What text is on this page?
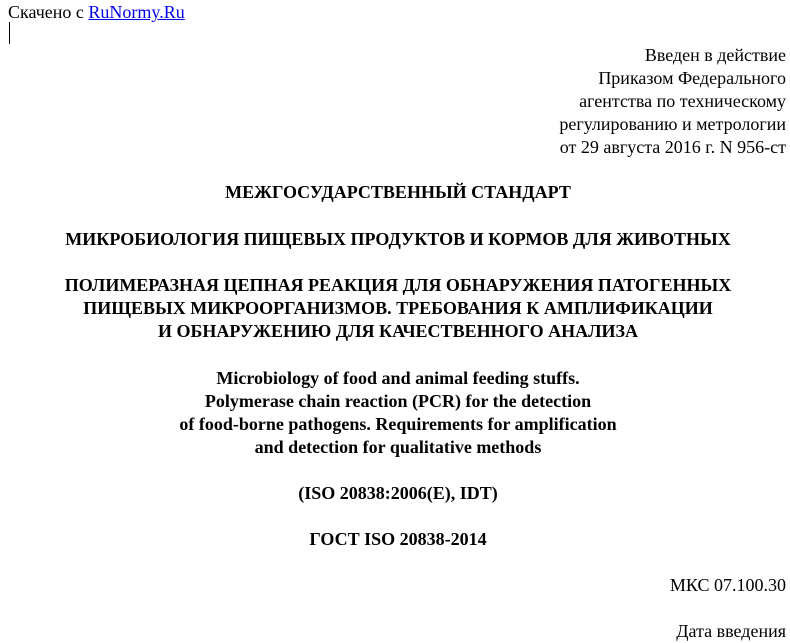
Скачено с RuNormy.Ru
Введен в действие
Приказом Федерального
агентства по техническому
регулированию и метрологии
от 29 августа 2016 г. N 956-ст
МЕЖГОСУДАРСТВЕННЫЙ СТАНДАРТ
МИКРОБИОЛОГИЯ ПИЩЕВЫХ ПРОДУКТОВ И КОРМОВ ДЛЯ ЖИВОТНЫХ
ПОЛИМЕРАЗНАЯ ЦЕПНАЯ РЕАКЦИЯ ДЛЯ ОБНАРУЖЕНИЯ ПАТОГЕННЫХ
ПИЩЕВЫХ МИКРООРГАНИЗМОВ. ТРЕБОВАНИЯ К АМПЛИФИКАЦИИ
И ОБНАРУЖЕНИЮ ДЛЯ КАЧЕСТВЕННОГО АНАЛИЗА
Microbiology of food and animal feeding stuffs.
Polymerase chain reaction (PCR) for the detection
of food-borne pathogens. Requirements for amplification
and detection for qualitative methods
(ISO 20838:2006(E), IDT)
ГОСТ ISO 20838-2014
МКС 07.100.30
Дата введения
